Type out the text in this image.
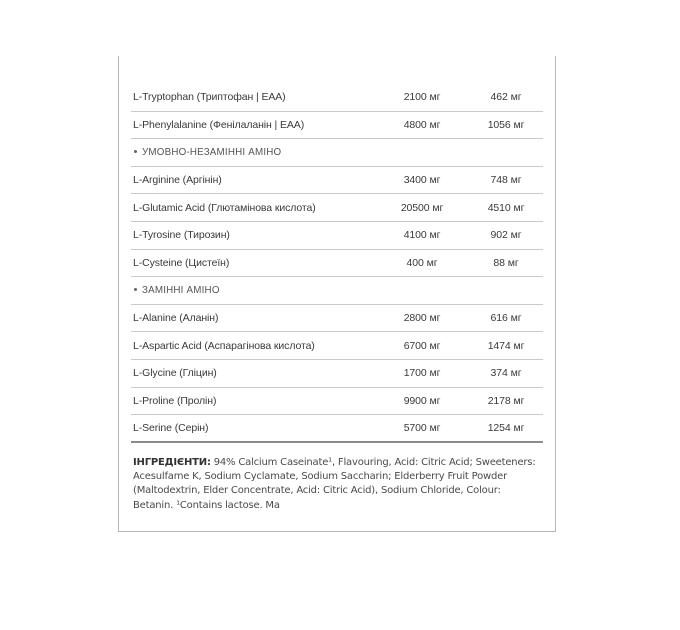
L-Tryptophan (Триптофан | EAA)	2100 мг	462 мг
L-Phenylalanine (Фенілаланін | EAA)	4800 мг	1056 мг
УМОВНО-НЕЗАМІННІ АМІНО
L-Arginine (Аргінін)	3400 мг	748 мг
L-Glutamic Acid (Глютамінова кислота)	20500 мг	4510 мг
L-Tyrosine (Тирозин)	4100 мг	902 мг
L-Cysteine (Цистеїн)	400 мг	88 мг
ЗАМІННІ АМІНО
L-Alanine (Аланін)	2800 мг	616 мг
L-Aspartic Acid (Аспарагінова кислота)	6700 мг	1474 мг
L-Glycine (Гліцин)	1700 мг	374 мг
L-Proline (Пролін)	9900 мг	2178 мг
L-Serine (Серін)	5700 мг	1254 мг
ІНГРЕДІЄНТИ: 94% Calcium Caseinate¹, Flavouring, Acid: Citric Acid; Sweeteners: Acesulfame K, Sodium Cyclamate, Sodium Saccharin; Elderberry Fruit Powder (Maltodextrin, Elder Concentrate, Acid: Citric Acid), Sodium Chloride, Colour: Betanin. ¹Contains lactose. Ма
